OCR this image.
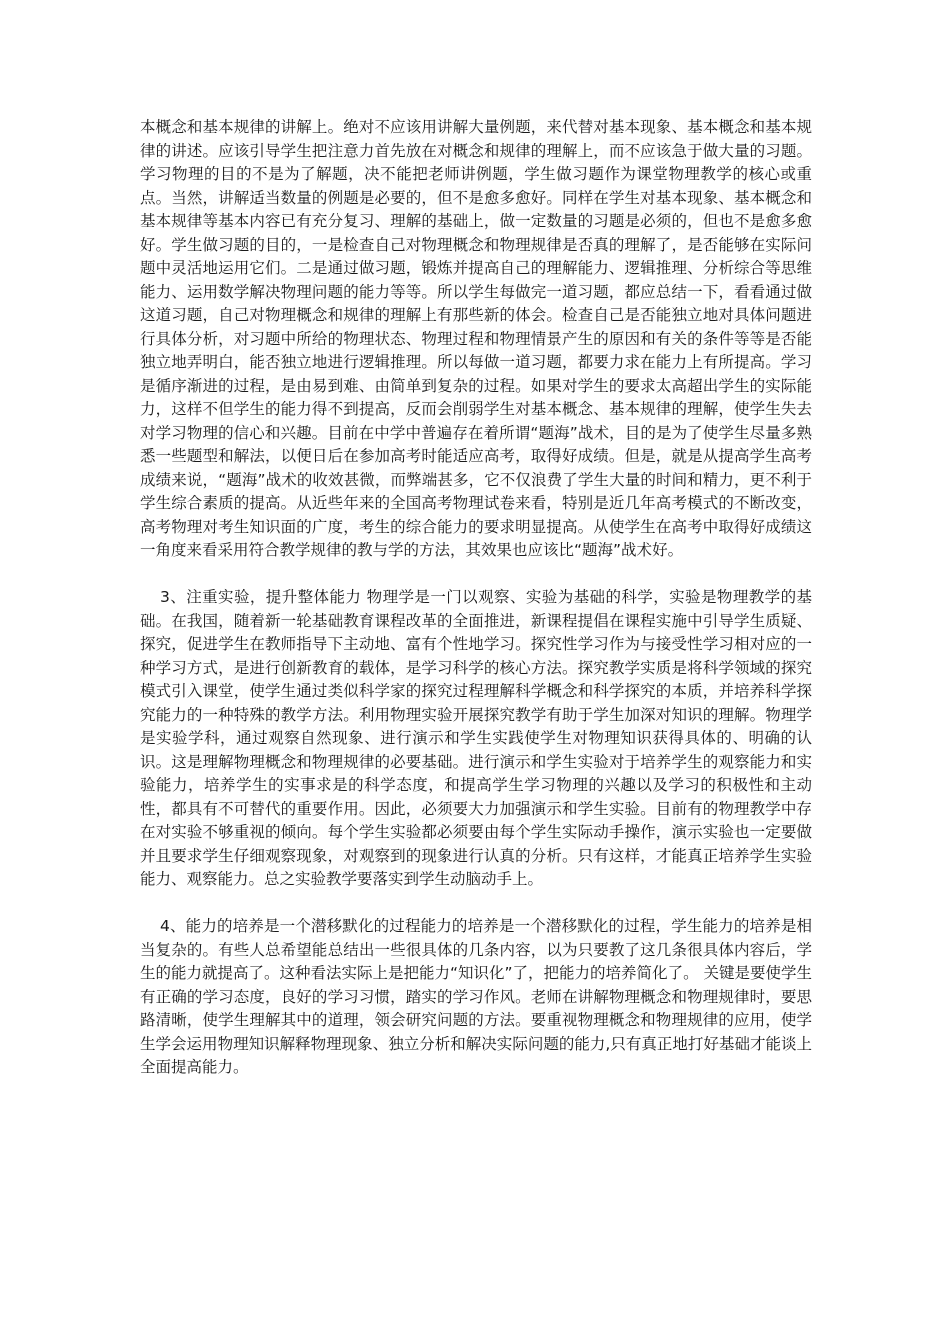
本概念和基本规律的讲解上。绝对不应该用讲解大量例题，来代替对基本现象、基本概念和基本规律的讲述。应该引导学生把注意力首先放在对概念和规律的理解上，而不应该急于做大量的习题。学习物理的目的不是为了解题，决不能把老师讲例题，学生做习题作为课堂物理教学的核心或重点。当然，讲解适当数量的例题是必要的，但不是愈多愈好。同样在学生对基本现象、基本概念和基本规律等基本内容已有充分复习、理解的基础上，做一定数量的习题是必须的，但也不是愈多愈好。学生做习题的目的，一是检查自己对物理概念和物理规律是否真的理解了，是否能够在实际问题中灵活地运用它们。二是通过做习题，锻炼并提高自己的理解能力、逻辑推理、分析综合等思维能力、运用数学解决物理问题的能力等等。所以学生每做完一道习题，都应总结一下，看看通过做这道习题，自己对物理概念和规律的理解上有那些新的体会。检查自己是否能独立地对具体问题进行具体分析，对习题中所给的物理状态、物理过程和物理情景产生的原因和有关的条件等等是否能独立地弄明白，能否独立地进行逻辑推理。所以每做一道习题，都要力求在能力上有所提高。学习是循序渐进的过程，是由易到难、由简单到复杂的过程。如果对学生的要求太高超出学生的实际能力，这样不但学生的能力得不到提高，反而会削弱学生对基本概念、基本规律的理解，使学生失去对学习物理的信心和兴趣。目前在中学中普遍存在着所谓“题海”战术，目的是为了使学生尽量多熟悉一些题型和解法，以便日后在参加高考时能适应高考，取得好成绩。但是，就是从提高学生高考成绩来说，“题海”战术的收效甚微，而弊端甚多，它不仅浪费了学生大量的时间和精力，更不利于学生综合素质的提高。从近些年来的全国高考物理试卷来看，特别是近几年高考模式的不断改变，高考物理对考生知识面的广度，考生的综合能力的要求明显提高。从使学生在高考中取得好成绩这一角度来看采用符合教学规律的教与学的方法，其效果也应该比“题海”战术好。

3、注重实验，提升整体能力 物理学是一门以观察、实验为基础的科学，实验是物理教学的基础。在我国，随着新一轮基础教育课程改革的全面推进，新课程提倡在课程实施中引导学生质疑、探究，促进学生在教师指导下主动地、富有个性地学习。探究性学习作为与接受性学习相对应的一种学习方式，是进行创新教育的载体，是学习科学的核心方法。探究教学实质是将科学领域的探究模式引入课堂，使学生通过类似科学家的探究过程理解科学概念和科学探究的本质，并培养科学探究能力的一种特殊的教学方法。利用物理实验开展探究教学有助于学生加深对知识的理解。物理学是实验学科，通过观察自然现象、进行演示和学生实践使学生对物理知识获得具体的、明确的认识。这是理解物理概念和物理规律的必要基础。进行演示和学生实验对于培养学生的观察能力和实验能力，培养学生的实事求是的科学态度，和提高学生学习物理的兴趣以及学习的积极性和主动性，都具有不可替代的重要作用。因此，必须要大力加强演示和学生实验。目前有的物理教学中存在对实验不够重视的倾向。每个学生实验都必须要由每个学生实际动手操作，演示实验也一定要做并且要求学生仔细观察现象，对观察到的现象进行认真的分析。只有这样，才能真正培养学生实验能力、观察能力。总之实验教学要落实到学生动脑动手上。

4、能力的培养是一个潜移默化的过程能力的培养是一个潜移默化的过程，学生能力的培养是相当复杂的。有些人总希望能总结出一些很具体的几条内容，以为只要教了这几条很具体内容后，学生的能力就提高了。这种看法实际上是把能力“知识化”了，把能力的培养简化了。 关键是要使学生有正确的学习态度，良好的学习习惯，踏实的学习作风。老师在讲解物理概念和物理规律时，要思路清晰，使学生理解其中的道理，领会研究问题的方法。要重视物理概念和物理规律的应用，使学生学会运用物理知识解释物理现象、独立分析和解决实际问题的能力,只有真正地打好基础才能谈上全面提高能力。
